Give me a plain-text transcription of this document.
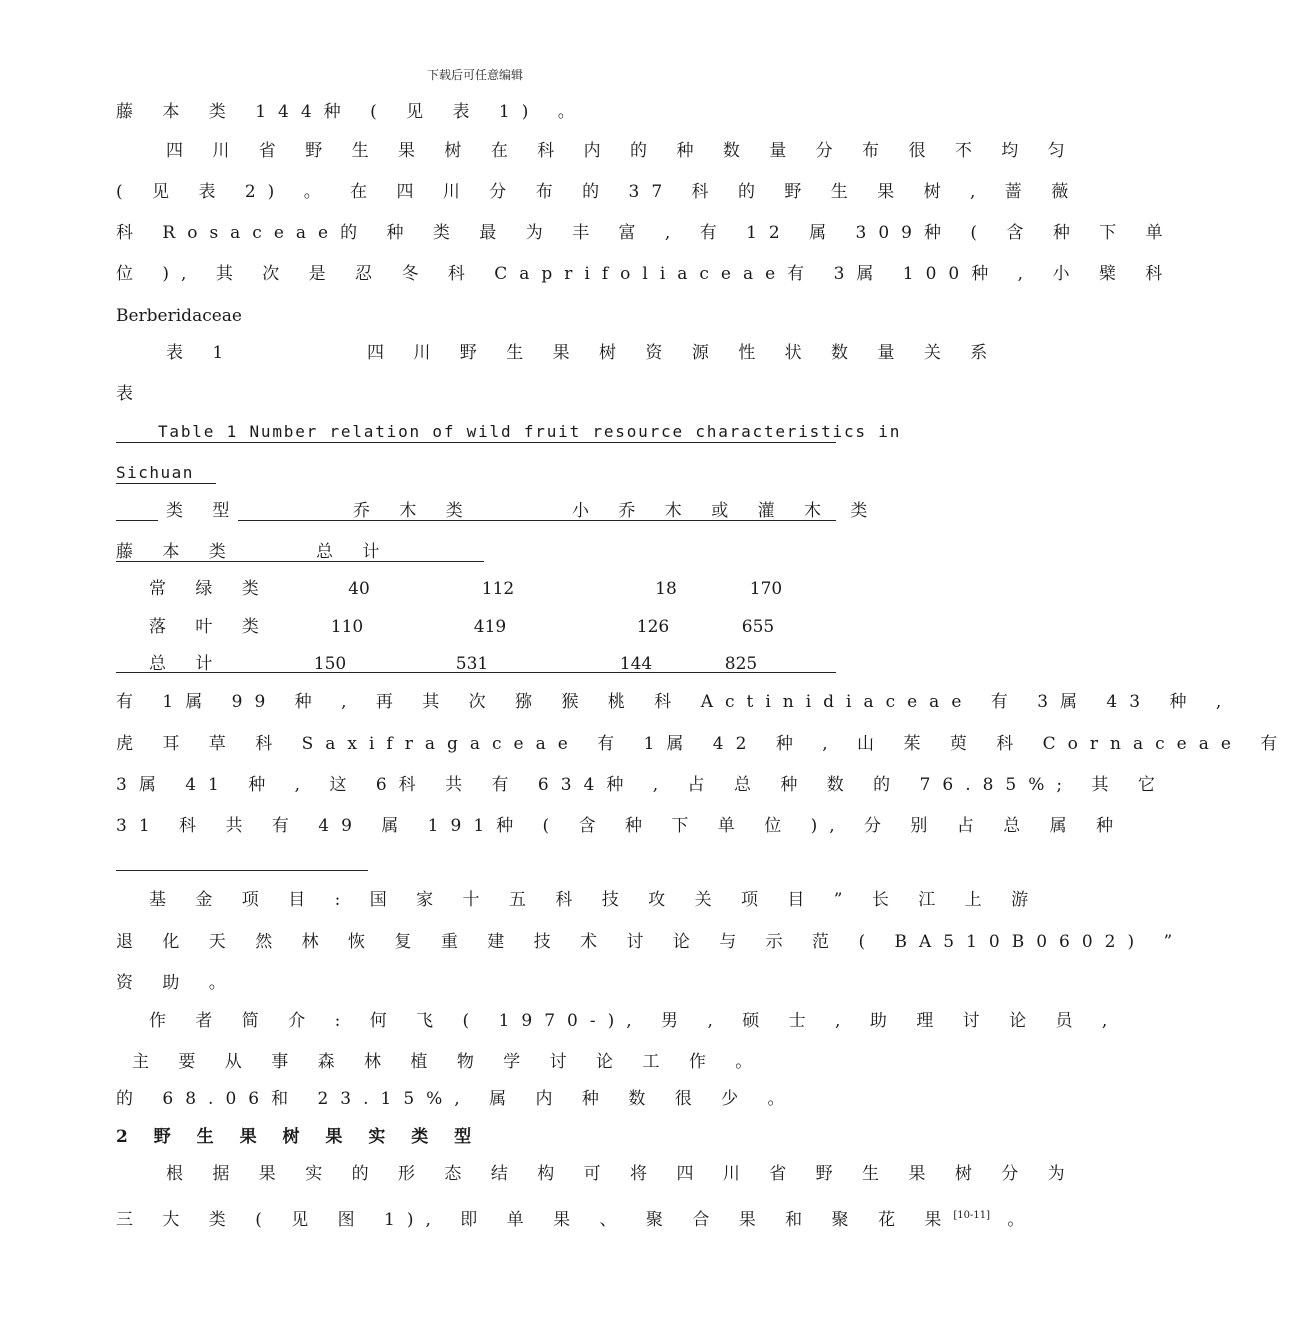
下载后可任意编辑
藤 本 类 144种 ( 见 表 1) 。
四 川 省 野 生 果 树 在 科 内 的 种 数 量 分 布 很 不 均 匀
( 见 表 2) 。 在 四 川 分 布 的 37 科 的 野 生 果 树 , 蔷 薇
科 Rosaceae的 种 类 最 为 丰 富 , 有 12 属 309种 ( 含 种 下 单
位 ), 其 次 是 忍 冬 科 Caprifoliaceae有 3属 100种 , 小 檗 科
Berberidaceae
表 1	四 川 野 生 果 树 资 源 性 状 数 量 关 系
表
Table 1 Number relation of wild fruit resource characteristics in
Sichuan
类 型	乔 木 类	小 乔 木 或 灌 木 类
藤 本 类	总 计
常 绿 类	40	112	18	170
落 叶 类	110	419	126	655
总 计	150	531	144	825
有 1属 99 种 , 再 其 次 猕 猴 桃 科 Actinidiaceae 有 3属 43 种 ,
虎 耳 草 科 Saxifragaceae 有 1属 42 种 , 山 茱 萸 科 Cornaceae 有
3属 41 种 , 这 6科 共 有 634种 , 占 总 种 数 的 76.85%; 其 它
31 科 共 有 49 属 191种 ( 含 种 下 单 位 ), 分 别 占 总 属 种
基 金 项 目 : 国 家 十 五 科 技 攻 关 项 目 ” 长 江 上 游
退 化 天 然 林 恢 复 重 建 技 术 讨 论 与 示 范 ( BA510B0602) ”
资 助 。
作 者 简 介 : 何 飞 ( 1970-), 男 , 硕 士 , 助 理 讨 论 员 ,
主 要 从 事 森 林 植 物 学 讨 论 工 作 。
的 68.06和 23.15%, 属 内 种 数 很 少 。
2 野 生 果 树 果 实 类 型
根 据 果 实 的 形 态 结 构 可 将 四 川 省 野 生 果 树 分 为
三 大 类 ( 见 图 1), 即 单 果 、 聚 合 果 和 聚 花 果[10-11] 。
